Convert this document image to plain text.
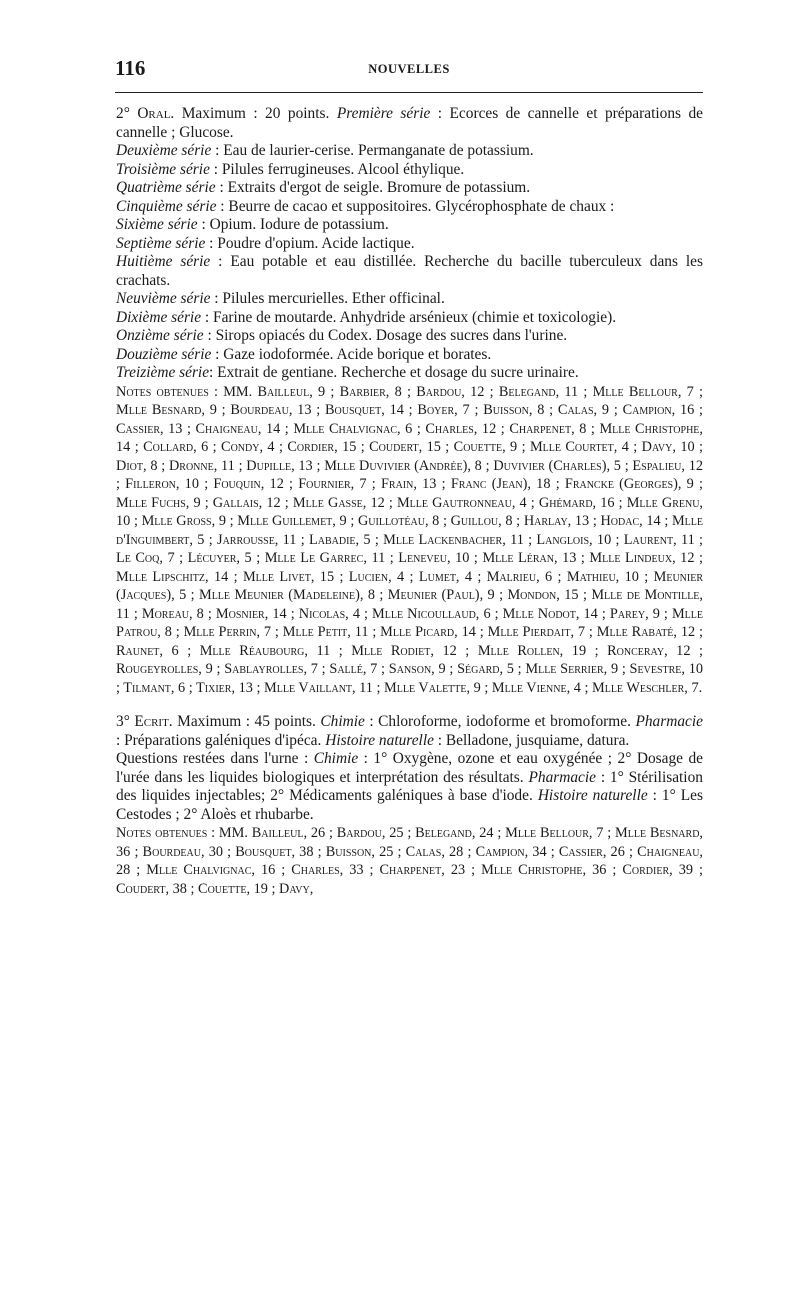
116	NOUVELLES

2° Oral. Maximum : 20 points. Première série : Ecorces de cannelle et préparations de cannelle ; Glucose.

Deuxième série : Eau de laurier-cerise. Permanganate de potassium.

Troisième série : Pilules ferrugineuses. Alcool éthylique.

Quatrième série : Extraits d'ergot de seigle. Bromure de potassium.

Cinquième série : Beurre de cacao et suppositoires. Glycérophosphate de chaux :

Sixième série : Opium. Iodure de potassium.

Septième série : Poudre d'opium. Acide lactique.

Huitième série : Eau potable et eau distillée. Recherche du bacille tuberculeux dans les crachats.

Neuvième série : Pilules mercurielles. Ether officinal.

Dixième série : Farine de moutarde. Anhydride arsénieux (chimie et toxicologie).

Onzième série : Sirops opiacés du Codex. Dosage des sucres dans l'urine.

Douzième série : Gaze iodoformée. Acide borique et borates.

Treizième série: Extrait de gentiane. Recherche et dosage du sucre urinaire.

Notes obtenues : MM. Bailleul, 9 ; Barbier, 8 ; Bardou, 12 ; Belegand, 11 ; Mlle Bellour, 7 ; Mlle Besnard, 9 ; Bourdeau, 13 ; Bousquet, 14 ; Boyer, 7 ; Buisson, 8 ; Calas, 9 ; Campion, 16 ; Cassier, 13 ; Chaigneau, 14 ; Mlle Chalvignac, 6 ; Charles, 12 ; Charpenet, 8 ; Mlle Christophe, 14 ; Collard, 6 ; Condy, 4 ; Cordier, 15 ; Coudert, 15 ; Couette, 9 ; Mlle Courtet, 4 ; Davy, 10 ; Diot, 8 ; Dronne, 11 ; Dupille, 13 ; Mlle Duvivier (Andrée), 8 ; Duvivier (Charles), 5 ; Espalieu, 12 ; Filleron, 10 ; Fouquin, 12 ; Fournier, 7 ; Frain, 13 ; Franc (Jean), 18 ; Francke (Georges), 9 ; Mlle Fuchs, 9 ; Gallais, 12 ; Mlle Gasse, 12 ; Mlle Gautronneau, 4 ; Ghémard, 16 ; Mlle Grenu, 10 ; Mlle Gross, 9 ; Mlle Guillemet, 9 ; Guillotéau, 8 ; Guillou, 8 ; Harlay, 13 ; Hodac, 14 ; Mlle d'Inguimbert, 5 ; Jarrousse, 11 ; Labadie, 5 ; Mlle Lackenbacher, 11 ; Langlois, 10 ; Laurent, 11 ; Le Coq, 7 ; Lécuyer, 5 ; Mlle Le Garrec, 11 ; Leneveu, 10 ; Mlle Léran, 13 ; Mlle Lindeux, 12 ; Mlle Lipschitz, 14 ; Mlle Livet, 15 ; Lucien, 4 ; Lumet, 4 ; Malrieu, 6 ; Mathieu, 10 ; Meunier (Jacques), 5 ; Mlle Meunier (Madeleine), 8 ; Meunier (Paul), 9 ; Mondon, 15 ; Mlle de Montille, 11 ; Moreau, 8 ; Mosnier, 14 ; Nicolas, 4 ; Mlle Nicoullaud, 6 ; Mlle Nodot, 14 ; Parey, 9 ; Mlle Patrou, 8 ; Mlle Perrin, 7 ; Mlle Petit, 11 ; Mlle Picard, 14 ; Mlle Pierdait, 7 ; Mlle Rabaté, 12 ; Raunet, 6 ; Mlle Réaubourg, 11 ; Mlle Rodiet, 12 ; Mlle Rollen, 19 ; Ronceray, 12 ; Rougeyrolles, 9 ; Sablayrolles, 7 ; Sallé, 7 ; Sanson, 9 ; Ségard, 5 ; Mlle Serrier, 9 ; Sevestre, 10 ; Tilmant, 6 ; Tixier, 13 ; Mlle Vaillant, 11 ; Mlle Valette, 9 ; Mlle Vienne, 4 ; Mlle Weschler, 7.

3° Ecrit. Maximum : 45 points. Chimie : Chloroforme, iodoforme et bromoforme. Pharmacie : Préparations galéniques d'ipéca. Histoire naturelle : Belladone, jusquiame, datura.

Questions restées dans l'urne : Chimie : 1° Oxygène, ozone et eau oxygénée ; 2° Dosage de l'urée dans les liquides biologiques et interprétation des résultats. Pharmacie : 1° Stérilisation des liquides injectables; 2° Médicaments galéniques à base d'iode. Histoire naturelle : 1° Les Cestodes ; 2° Aloès et rhubarbe.

Notes obtenues : MM. Bailleul, 26 ; Bardou, 25 ; Belegand, 24 ; Mlle Bellour, 7 ; Mlle Besnard, 36 ; Bourdeau, 30 ; Bousquet, 38 ; Buisson, 25 ; Calas, 28 ; Campion, 34 ; Cassier, 26 ; Chaigneau, 28 ; Mlle Chalvignac, 16 ; Charles, 33 ; Charpenet, 23 ; Mlle Christophe, 36 ; Cordier, 39 ; Coudert, 38 ; Couette, 19 ; Davy,
